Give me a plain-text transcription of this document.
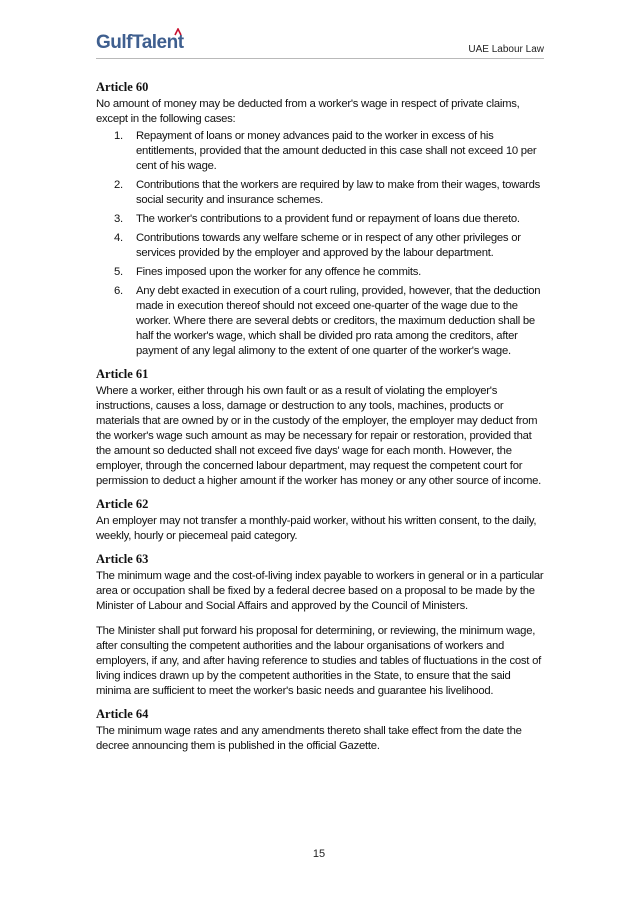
GulfTalent	UAE Labour Law
Article 60

No amount of money may be deducted from a worker's wage in respect of private claims, except in the following cases:

1. Repayment of loans or money advances paid to the worker in excess of his entitlements, provided that the amount deducted in this case shall not exceed 10 per cent of his wage.
2. Contributions that the workers are required by law to make from their wages, towards social security and insurance schemes.
3. The worker's contributions to a provident fund or repayment of loans due thereto.
4. Contributions towards any welfare scheme or in respect of any other privileges or services provided by the employer and approved by the labour department.
5. Fines imposed upon the worker for any offence he commits.
6. Any debt exacted in execution of a court ruling, provided, however, that the deduction made in execution thereof should not exceed one-quarter of the wage due to the worker. Where there are several debts or creditors, the maximum deduction shall be half the worker's wage, which shall be divided pro rata among the creditors, after payment of any legal alimony to the extent of one quarter of the worker's wage.
Article 61

Where a worker, either through his own fault or as a result of violating the employer's instructions, causes a loss, damage or destruction to any tools, machines, products or materials that are owned by or in the custody of the employer, the employer may deduct from the worker's wage such amount as may be necessary for repair or restoration, provided that the amount so deducted shall not exceed five days' wage for each month. However, the employer, through the concerned labour department, may request the competent court for permission to deduct a higher amount if the worker has money or any other source of income.

Article 62

An employer may not transfer a monthly-paid worker, without his written consent, to the daily, weekly, hourly or piecemeal paid category.

Article 63

The minimum wage and the cost-of-living index payable to workers in general or in a particular area or occupation shall be fixed by a federal decree based on a proposal to be made by the Minister of Labour and Social Affairs and approved by the Council of Ministers.

The Minister shall put forward his proposal for determining, or reviewing, the minimum wage, after consulting the competent authorities and the labour organisations of workers and employers, if any, and after having reference to studies and tables of fluctuations in the cost of living indices drawn up by the competent authorities in the State, to ensure that the said minima are sufficient to meet the worker's basic needs and guarantee his livelihood.

Article 64

The minimum wage rates and any amendments thereto shall take effect from the date the decree announcing them is published in the official Gazette.

15
